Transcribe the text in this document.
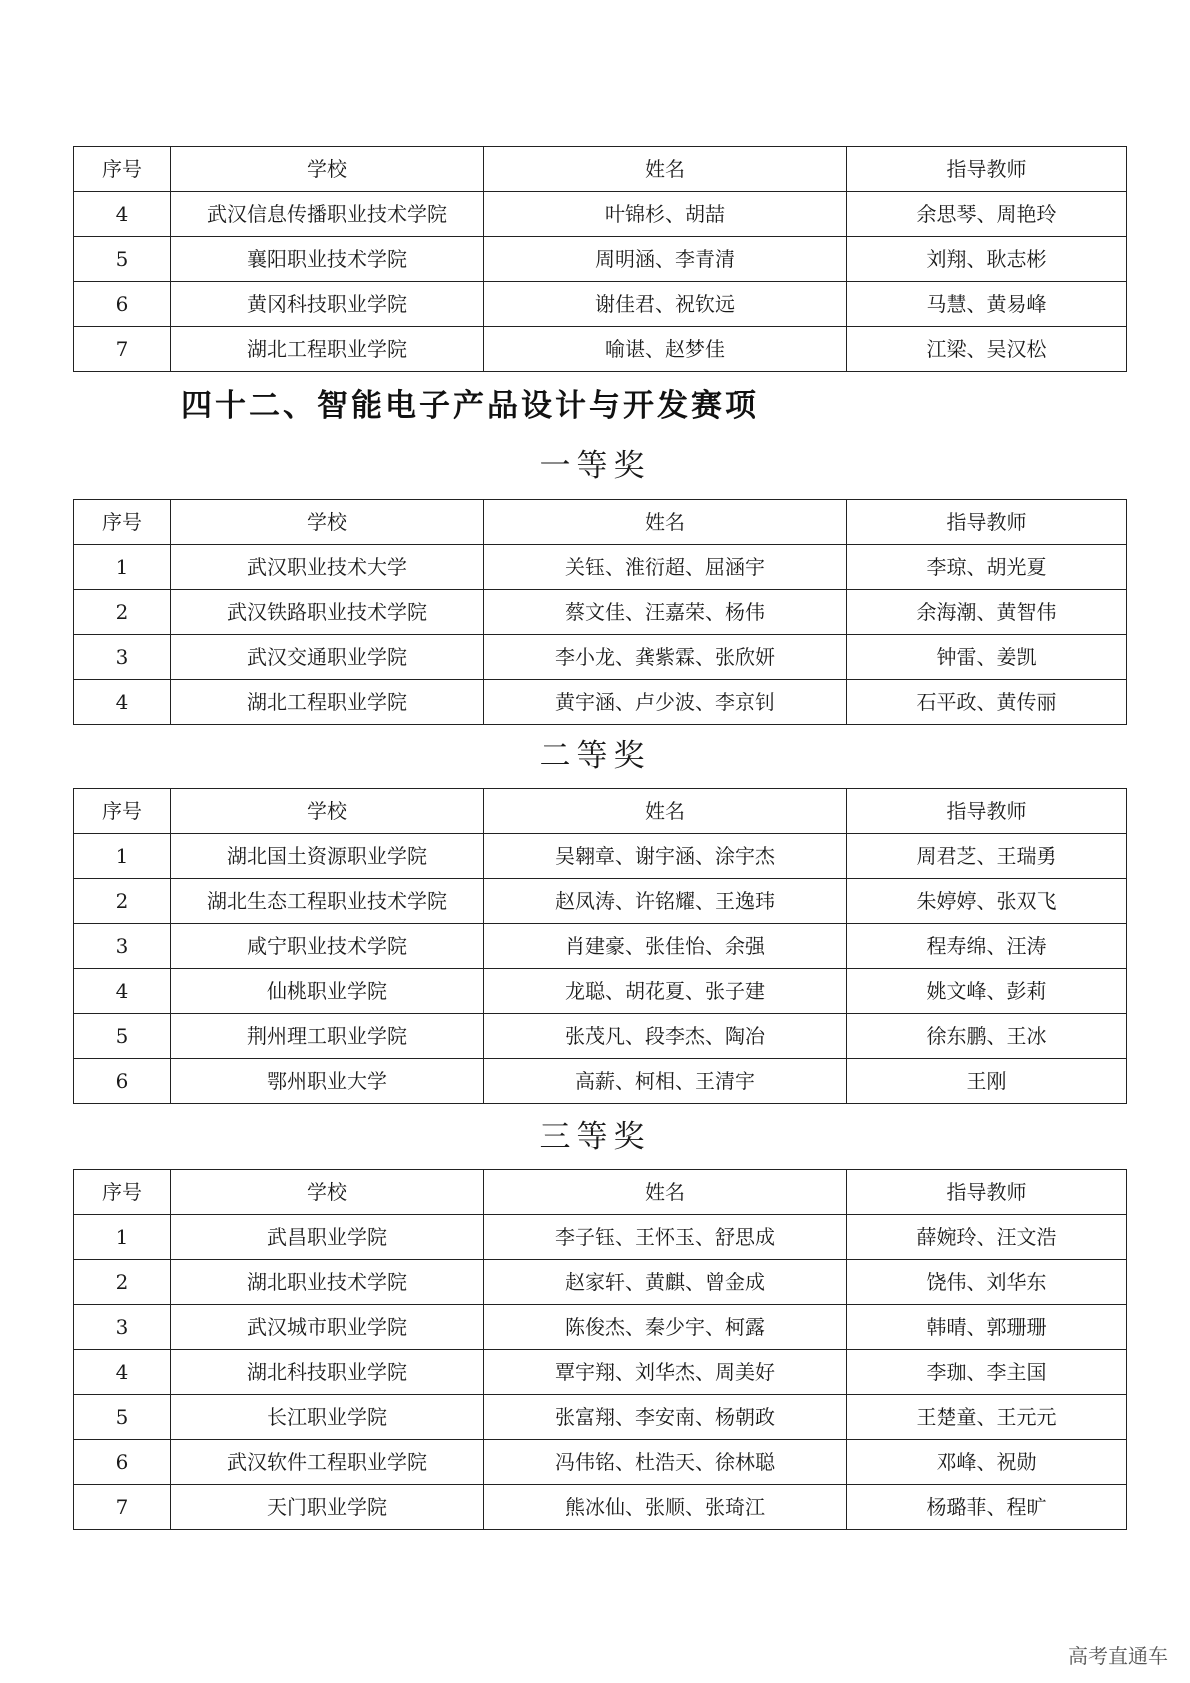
序号	学校	姓名	指导教师
4	武汉信息传播职业技术学院	叶锦杉、胡喆	余思琴、周艳玲
5	襄阳职业技术学院	周明涵、李青清	刘翔、耿志彬
6	黄冈科技职业学院	谢佳君、祝钦远	马慧、黄易峰
7	湖北工程职业学院	喻谌、赵梦佳	江梁、吴汉松
四十二、智能电子产品设计与开发赛项
一等奖
序号	学校	姓名	指导教师
1	武汉职业技术大学	关钰、淮衍超、屈涵宇	李琼、胡光夏
2	武汉铁路职业技术学院	蔡文佳、汪嘉荣、杨伟	余海潮、黄智伟
3	武汉交通职业学院	李小龙、龚紫霖、张欣妍	钟雷、姜凯
4	湖北工程职业学院	黄宇涵、卢少波、李京钊	石平政、黄传丽
二等奖
序号	学校	姓名	指导教师
1	湖北国土资源职业学院	吴翱章、谢宇涵、涂宇杰	周君芝、王瑞勇
2	湖北生态工程职业技术学院	赵凤涛、许铭耀、王逸玮	朱婷婷、张双飞
3	咸宁职业技术学院	肖建豪、张佳怡、余强	程寿绵、汪涛
4	仙桃职业学院	龙聪、胡花夏、张子建	姚文峰、彭莉
5	荆州理工职业学院	张茂凡、段李杰、陶冶	徐东鹏、王冰
6	鄂州职业大学	高薪、柯相、王清宇	王刚
三等奖
序号	学校	姓名	指导教师
1	武昌职业学院	李子钰、王怀玉、舒思成	薛婉玲、汪文浩
2	湖北职业技术学院	赵家轩、黄麒、曾金成	饶伟、刘华东
3	武汉城市职业学院	陈俊杰、秦少宇、柯露	韩晴、郭珊珊
4	湖北科技职业学院	覃宇翔、刘华杰、周美好	李珈、李主国
5	长江职业学院	张富翔、李安南、杨朝政	王楚童、王元元
6	武汉软件工程职业学院	冯伟铭、杜浩天、徐林聪	邓峰、祝勋
7	天门职业学院	熊冰仙、张顺、张琦江	杨璐菲、程旷
高考直通车
